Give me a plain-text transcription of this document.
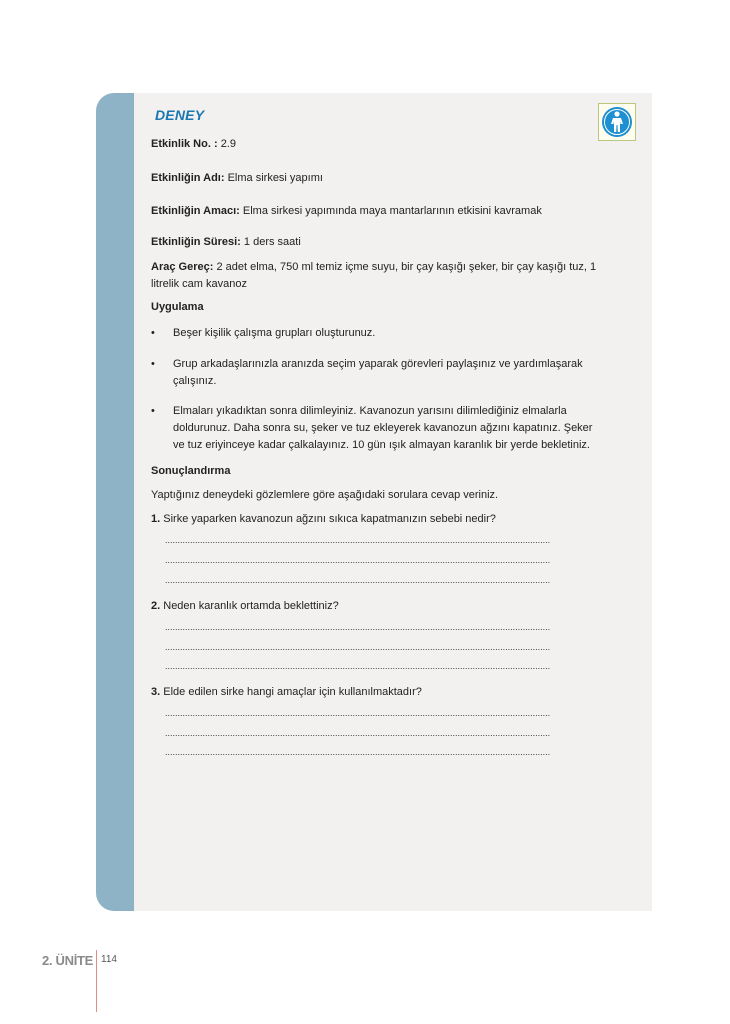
DENEY
Etkinlik No. : 2.9
Etkinliğin Adı: Elma sirkesi yapımı
Etkinliğin Amacı: Elma sirkesi yapımında maya mantarlarının etkisini kavramak
Etkinliğin Süresi: 1 ders saati
Araç Gereç: 2 adet elma, 750 ml temiz içme suyu, bir çay kaşığı şeker, bir çay kaşığı tuz, 1
litrelik cam kavanoz
Uygulama
• Beşer kişilik çalışma grupları oluşturunuz.
• Grup arkadaşlarınızla aranızda seçim yaparak görevleri paylaşınız ve yardımlaşarak
çalışınız.
• Elmaları yıkadıktan sonra dilimleyiniz. Kavanozun yarısını dilimlediğiniz elmalarla
doldurunuz. Daha sonra su, şeker ve tuz ekleyerek kavanozun ağzını kapatınız. Şeker
ve tuz eriyinceye kadar çalkalayınız. 10 gün ışık almayan karanlık bir yerde bekletiniz.
Sonuçlandırma
Yaptığınız deneydeki gözlemlere göre aşağıdaki sorulara cevap veriniz.
1. Sirke yaparken kavanozun ağzını sıkıca kapatmanızın sebebi nedir?
..........................................................................................................................................................
..........................................................................................................................................................
..........................................................................................................................................................
2. Neden karanlık ortamda beklettiniz?
..........................................................................................................................................................
..........................................................................................................................................................
..........................................................................................................................................................
3. Elde edilen sirke hangi amaçlar için kullanılmaktadır?
..........................................................................................................................................................
..........................................................................................................................................................
..........................................................................................................................................................
2. ÜNİTE 114
